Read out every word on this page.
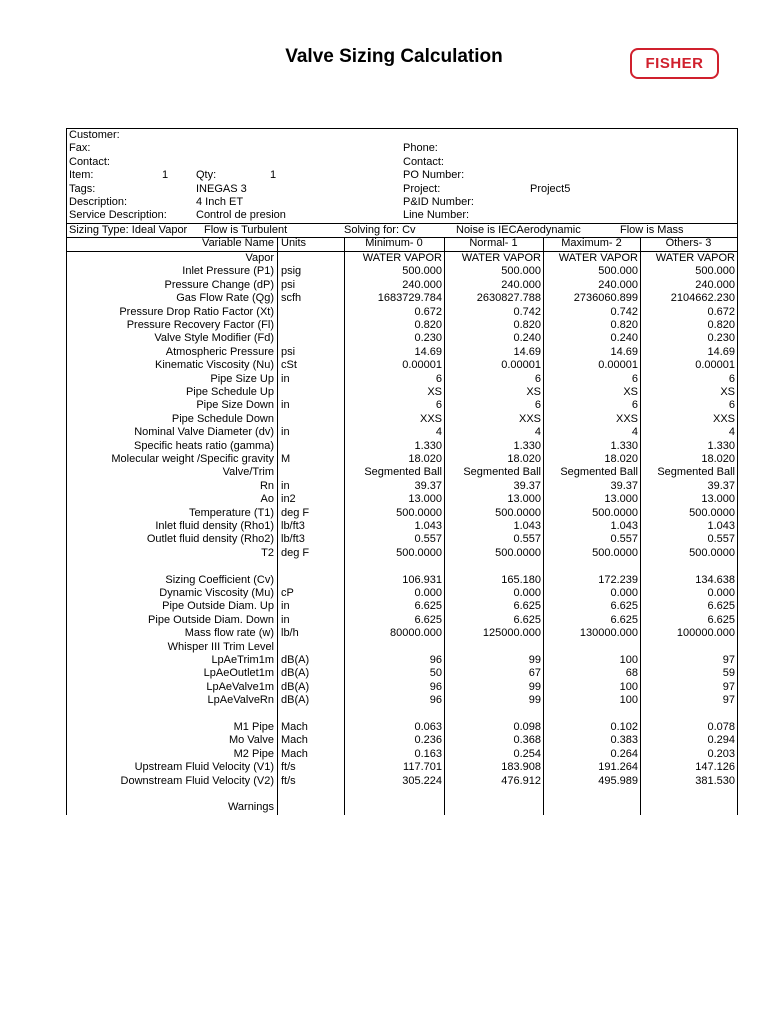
Valve Sizing Calculation	FISHER
Customer:
Fax:	Phone:
Contact:	Contact:
Item:	1	Qty:	1	PO Number:
Tags:	INEGAS 3	Project:	Project5
Description:	4 Inch ET	P&ID Number:
Service Description:	Control de presion	Line Number:
Sizing Type: Ideal Vapor Flow is Turbulent	Solving for: Cv	Noise is IECAerodynamic	Flow is Mass
Variable Name Units	Minimum- 0	Normal- 1	Maximum- 2	Others- 3
Vapor	WATER VAPOR	WATER VAPOR	WATER VAPOR	WATER VAPOR
Inlet Pressure (P1) psig	500.000	500.000	500.000	500.000
Pressure Change (dP) psi	240.000	240.000	240.000	240.000
Gas Flow Rate (Qg) scfh	1683729.784	2630827.788	2736060.899	2104662.230
Pressure Drop Ratio Factor (Xt)	0.672	0.742	0.742	0.672
Pressure Recovery Factor (Fl)	0.820	0.820	0.820	0.820
Valve Style Modifier (Fd)	0.230	0.240	0.240	0.230
Atmospheric Pressure psi	14.69	14.69	14.69	14.69
Kinematic Viscosity (Nu) cSt	0.00001	0.00001	0.00001	0.00001
Pipe Size Up in	6	6	6	6
Pipe Schedule Up	XS	XS	XS	XS
Pipe Size Down in	6	6	6	6
Pipe Schedule Down	XXS	XXS	XXS	XXS
Nominal Valve Diameter (dv) in	4	4	4	4
Specific heats ratio (gamma)	1.330	1.330	1.330	1.330
Molecular weight /Specific gravity M	18.020	18.020	18.020	18.020
Valve/Trim	Segmented Ball	Segmented Ball	Segmented Ball	Segmented Ball
Rn in	39.37	39.37	39.37	39.37
Ao in2	13.000	13.000	13.000	13.000
Temperature (T1) deg F	500.0000	500.0000	500.0000	500.0000
Inlet fluid density (Rho1) lb/ft3	1.043	1.043	1.043	1.043
Outlet fluid density (Rho2) lb/ft3	0.557	0.557	0.557	0.557
T2 deg F	500.0000	500.0000	500.0000	500.0000
Sizing Coefficient (Cv)	106.931	165.180	172.239	134.638
Dynamic Viscosity (Mu) cP	0.000	0.000	0.000	0.000
Pipe Outside Diam. Up in	6.625	6.625	6.625	6.625
Pipe Outside Diam. Down in	6.625	6.625	6.625	6.625
Mass flow rate (w) lb/h	80000.000	125000.000	130000.000	100000.000
Whisper III Trim Level
LpAeTrim1m dB(A)	96	99	100	97
LpAeOutlet1m dB(A)	50	67	68	59
LpAeValve1m dB(A)	96	99	100	97
LpAeValveRn dB(A)	96	99	100	97
M1 Pipe Mach	0.063	0.098	0.102	0.078
Mo Valve Mach	0.236	0.368	0.383	0.294
M2 Pipe Mach	0.163	0.254	0.264	0.203
Upstream Fluid Velocity (V1) ft/s	117.701	183.908	191.264	147.126
Downstream Fluid Velocity (V2) ft/s	305.224	476.912	495.989	381.530
Warnings
